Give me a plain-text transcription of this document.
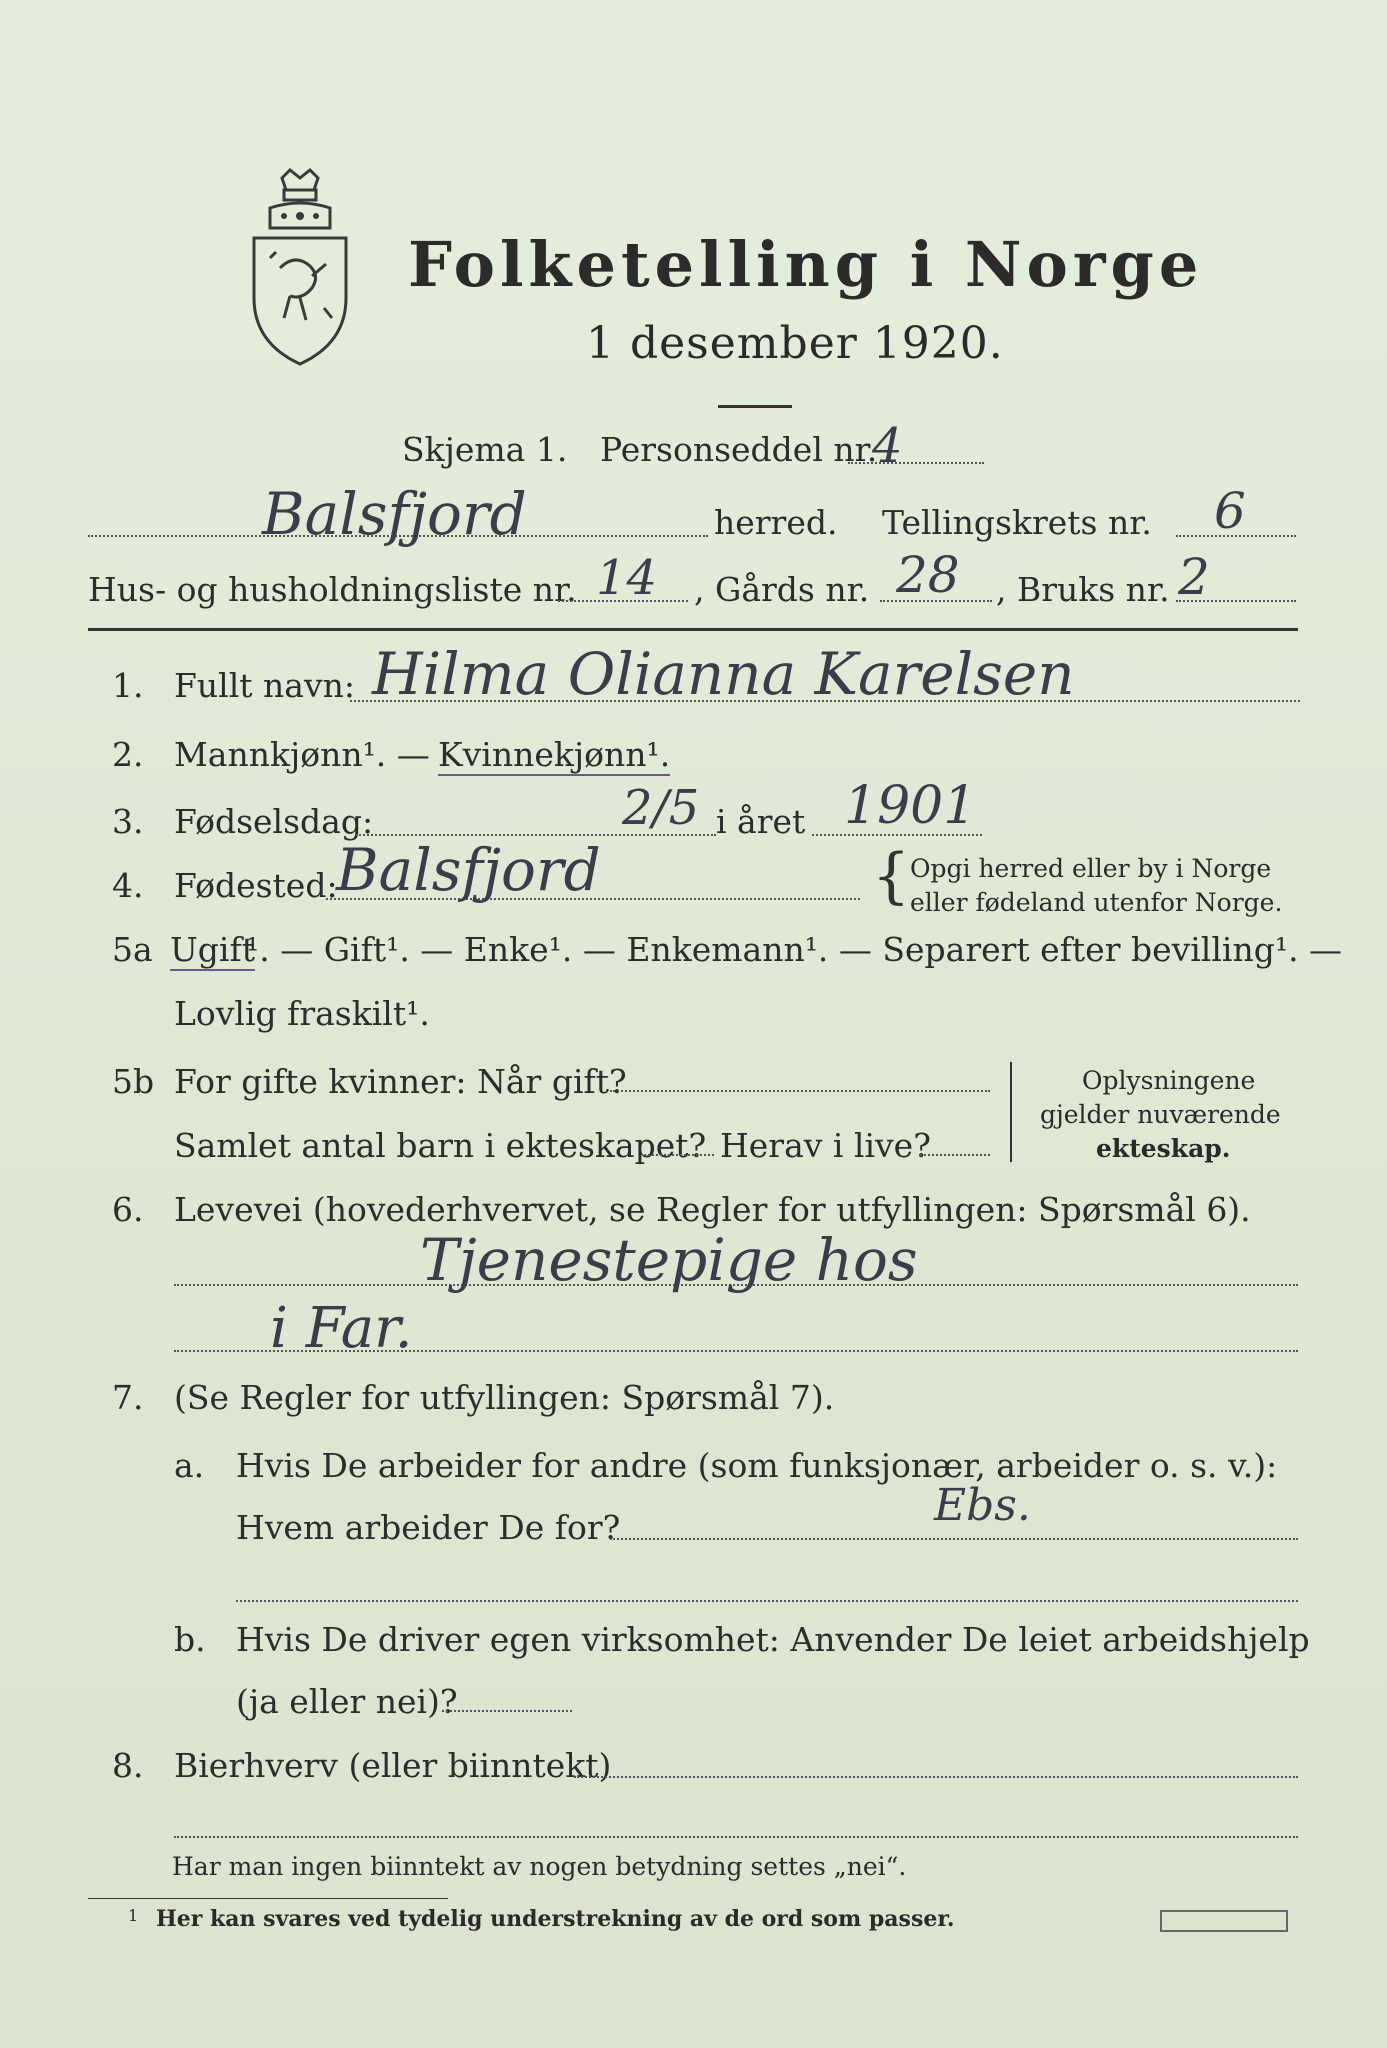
Folketelling i Norge
1 desember 1920.
Skjema 1. Personseddel nr.
4
Balsfjord	herred. Tellingskrets nr. 6
Hus- og husholdningsliste nr. 14 , Gårds nr. 28 , Bruks nr. 2
1. Fullt navn: Hilma Olianna Karelsen
2. Mannkjønn¹. — Kvinnekjønn¹.
3. Fødselsdag:	2/5 i året 1901
4. Fødested:
Balsfjord	{ Opgi herred eller by i Norge
eller fødeland utenfor Norge.
5a Ugift
¹. — Gift¹. — Enke¹. — Enkemann¹. — Separert efter bevilling¹. —
Lovlig fraskilt¹.
5b For gifte kvinner: Når gift?
Samlet antal barn i ekteskapet? Herav i live?
Oplysningene
gjelder nuværende
ekteskap.
6. Levevei (hovederhvervet, se Regler for utfyllingen: Spørsmål 6).
Tjenestepige hos
i Far.
7. (Se Regler for utfyllingen: Spørsmål 7).
a. Hvis De arbeider for andre (som funksjonær, arbeider o. s. v.):
Hvem arbeider De for?	Ebs.
b. Hvis De driver egen virksomhet: Anvender De leiet arbeidshjelp
(ja eller nei)?
8. Bierhverv (eller biinntekt)
Har man ingen biinntekt av nogen betydning settes „nei“.
1 Her kan svares ved tydelig understrekning av de ord som passer.
